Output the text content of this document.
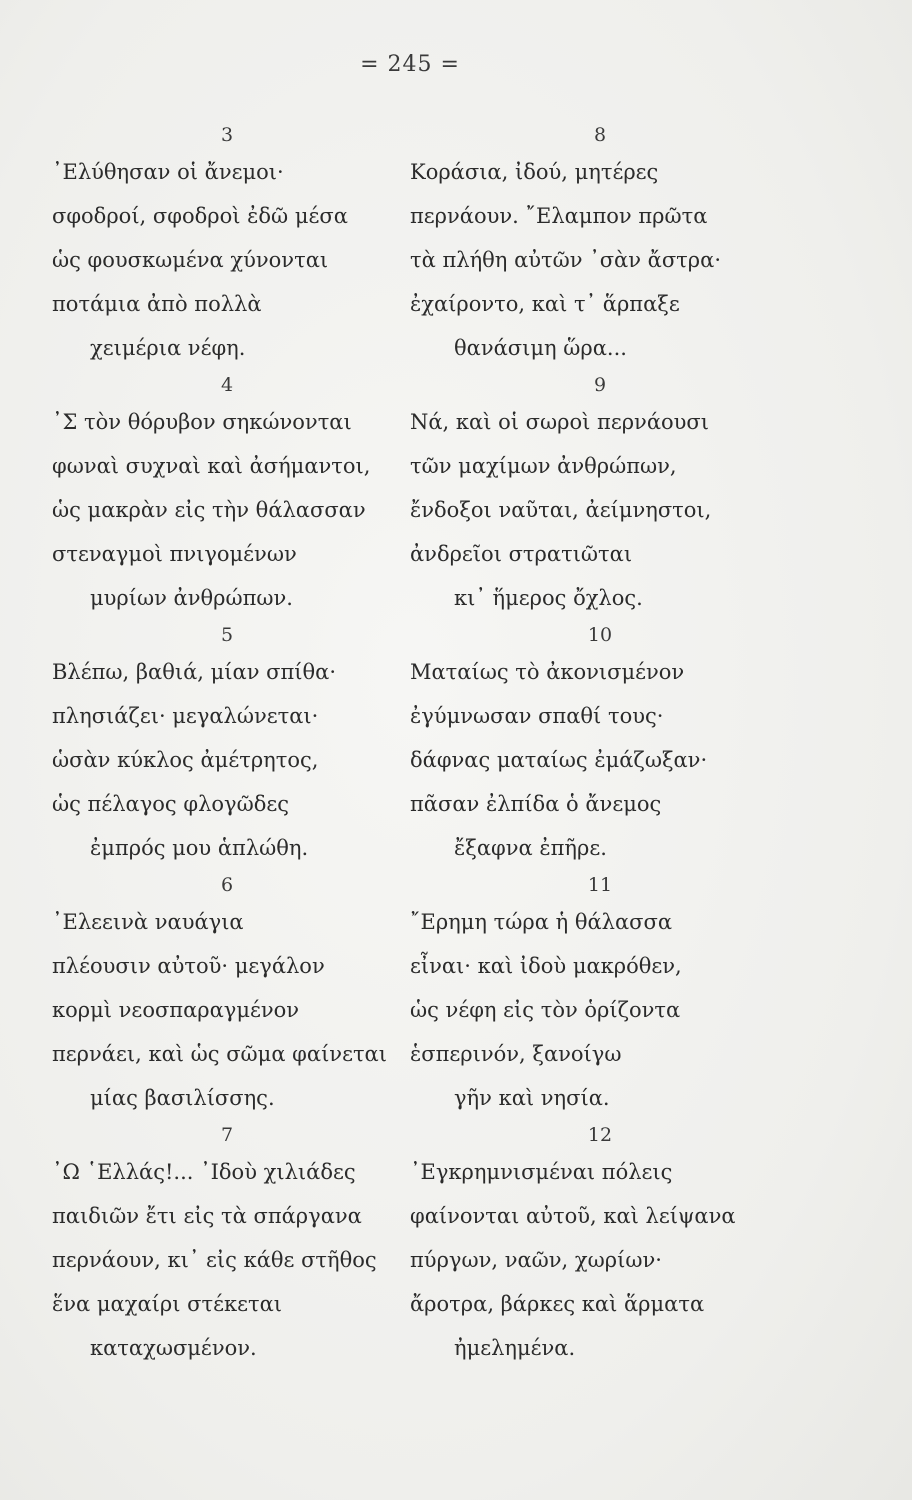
= 245 =
3
᾿Ελύθησαν οἱ ἄνεμοι·
σφοδροί, σφοδροὶ ἐδῶ μέσα
ὡς φουσκωμένα χύνονται
ποτάμια ἀπὸ πολλὰ
χειμέρια νέφη.
4
᾿Σ τὸν θόρυβον σηκώνονται
φωναὶ συχναὶ καὶ ἀσήμαντοι,
ὡς μακρὰν εἰς τὴν θάλασσαν
στεναγμοὶ πνιγομένων
μυρίων ἀνθρώπων.
5
Βλέπω, βαθιά, μίαν σπίθα·
πλησιάζει· μεγαλώνεται·
ὡσὰν κύκλος ἀμέτρητος,
ὡς πέλαγος φλογῶδες
ἐμπρός μου ἁπλώθη.
6
᾿Ελεεινὰ ναυάγια
πλέουσιν αὐτοῦ· μεγάλον
κορμὶ νεοσπαραγμένον
περνάει, καὶ ὡς σῶμα φαίνεται
μίας βασιλίσσης.
7
᾿Ω ῾Ελλάς!... ᾿Ιδοὺ χιλιάδες
παιδιῶν ἔτι εἰς τὰ σπάργανα
περνάουν, κι᾿ εἰς κάθε στῆθος
ἕνα μαχαίρι στέκεται
καταχωσμένον.
8
Κοράσια, ἰδού, μητέρες
περνάουν. ῎Ελαμπον πρῶτα
τὰ πλήθη αὐτῶν ᾿σὰν ἄστρα·
ἐχαίροντο, καὶ τ᾿ ἅρπαξε
θανάσιμη ὥρα...
9
Νά, καὶ οἱ σωροὶ περνάουσι
τῶν μαχίμων ἀνθρώπων,
ἔνδοξοι ναῦται, ἀείμνηστοι,
ἀνδρεῖοι στρατιῶται
κι᾿ ἥμερος ὄχλος.
10
Ματαίως τὸ ἀκονισμένον
ἐγύμνωσαν σπαθί τους·
δάφνας ματαίως ἐμάζωξαν·
πᾶσαν ἐλπίδα ὁ ἄνεμος
ἔξαφνα ἐπῆρε.
11
῎Ερημη τώρα ἡ θάλασσα
εἶναι· καὶ ἰδοὺ μακρόθεν,
ὡς νέφη εἰς τὸν ὁρίζοντα
ἑσπερινόν, ξανοίγω
γῆν καὶ νησία.
12
᾿Εγκρημνισμέναι πόλεις
φαίνονται αὐτοῦ, καὶ λείψανα
πύργων, ναῶν, χωρίων·
ἄροτρα, βάρκες καὶ ἅρματα
ἠμελημένα.
